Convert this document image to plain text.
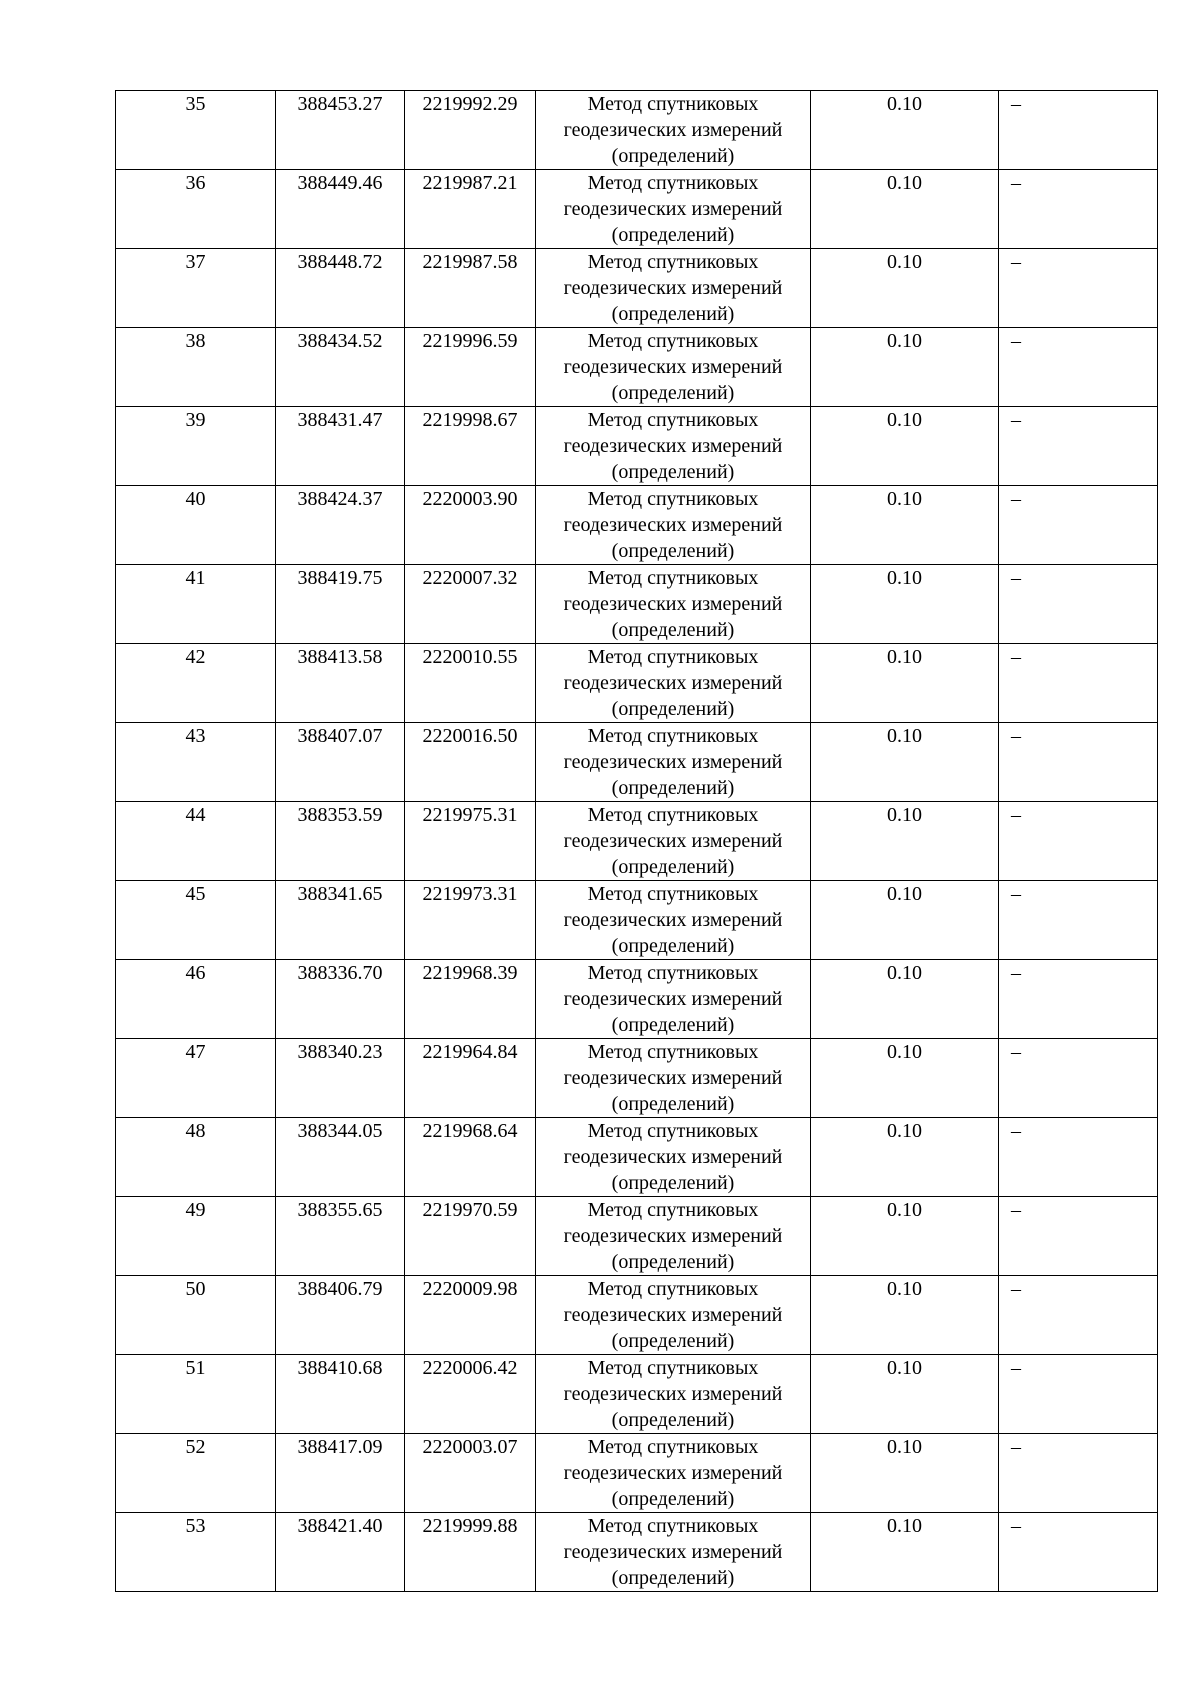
35	388453.27	2219992.29	Метод спутниковых
геодезических измерений
(определений)	0.10	–
36	388449.46	2219987.21	Метод спутниковых
геодезических измерений
(определений)	0.10	–
37	388448.72	2219987.58	Метод спутниковых
геодезических измерений
(определений)	0.10	–
38	388434.52	2219996.59	Метод спутниковых
геодезических измерений
(определений)	0.10	–
39	388431.47	2219998.67	Метод спутниковых
геодезических измерений
(определений)	0.10	–
40	388424.37	2220003.90	Метод спутниковых
геодезических измерений
(определений)	0.10	–
41	388419.75	2220007.32	Метод спутниковых
геодезических измерений
(определений)	0.10	–
42	388413.58	2220010.55	Метод спутниковых
геодезических измерений
(определений)	0.10	–
43	388407.07	2220016.50	Метод спутниковых
геодезических измерений
(определений)	0.10	–
44	388353.59	2219975.31	Метод спутниковых
геодезических измерений
(определений)	0.10	–
45	388341.65	2219973.31	Метод спутниковых
геодезических измерений
(определений)	0.10	–
46	388336.70	2219968.39	Метод спутниковых
геодезических измерений
(определений)	0.10	–
47	388340.23	2219964.84	Метод спутниковых
геодезических измерений
(определений)	0.10	–
48	388344.05	2219968.64	Метод спутниковых
геодезических измерений
(определений)	0.10	–
49	388355.65	2219970.59	Метод спутниковых
геодезических измерений
(определений)	0.10	–
50	388406.79	2220009.98	Метод спутниковых
геодезических измерений
(определений)	0.10	–
51	388410.68	2220006.42	Метод спутниковых
геодезических измерений
(определений)	0.10	–
52	388417.09	2220003.07	Метод спутниковых
геодезических измерений
(определений)	0.10	–
53	388421.40	2219999.88	Метод спутниковых
геодезических измерений
(определений)	0.10	–
